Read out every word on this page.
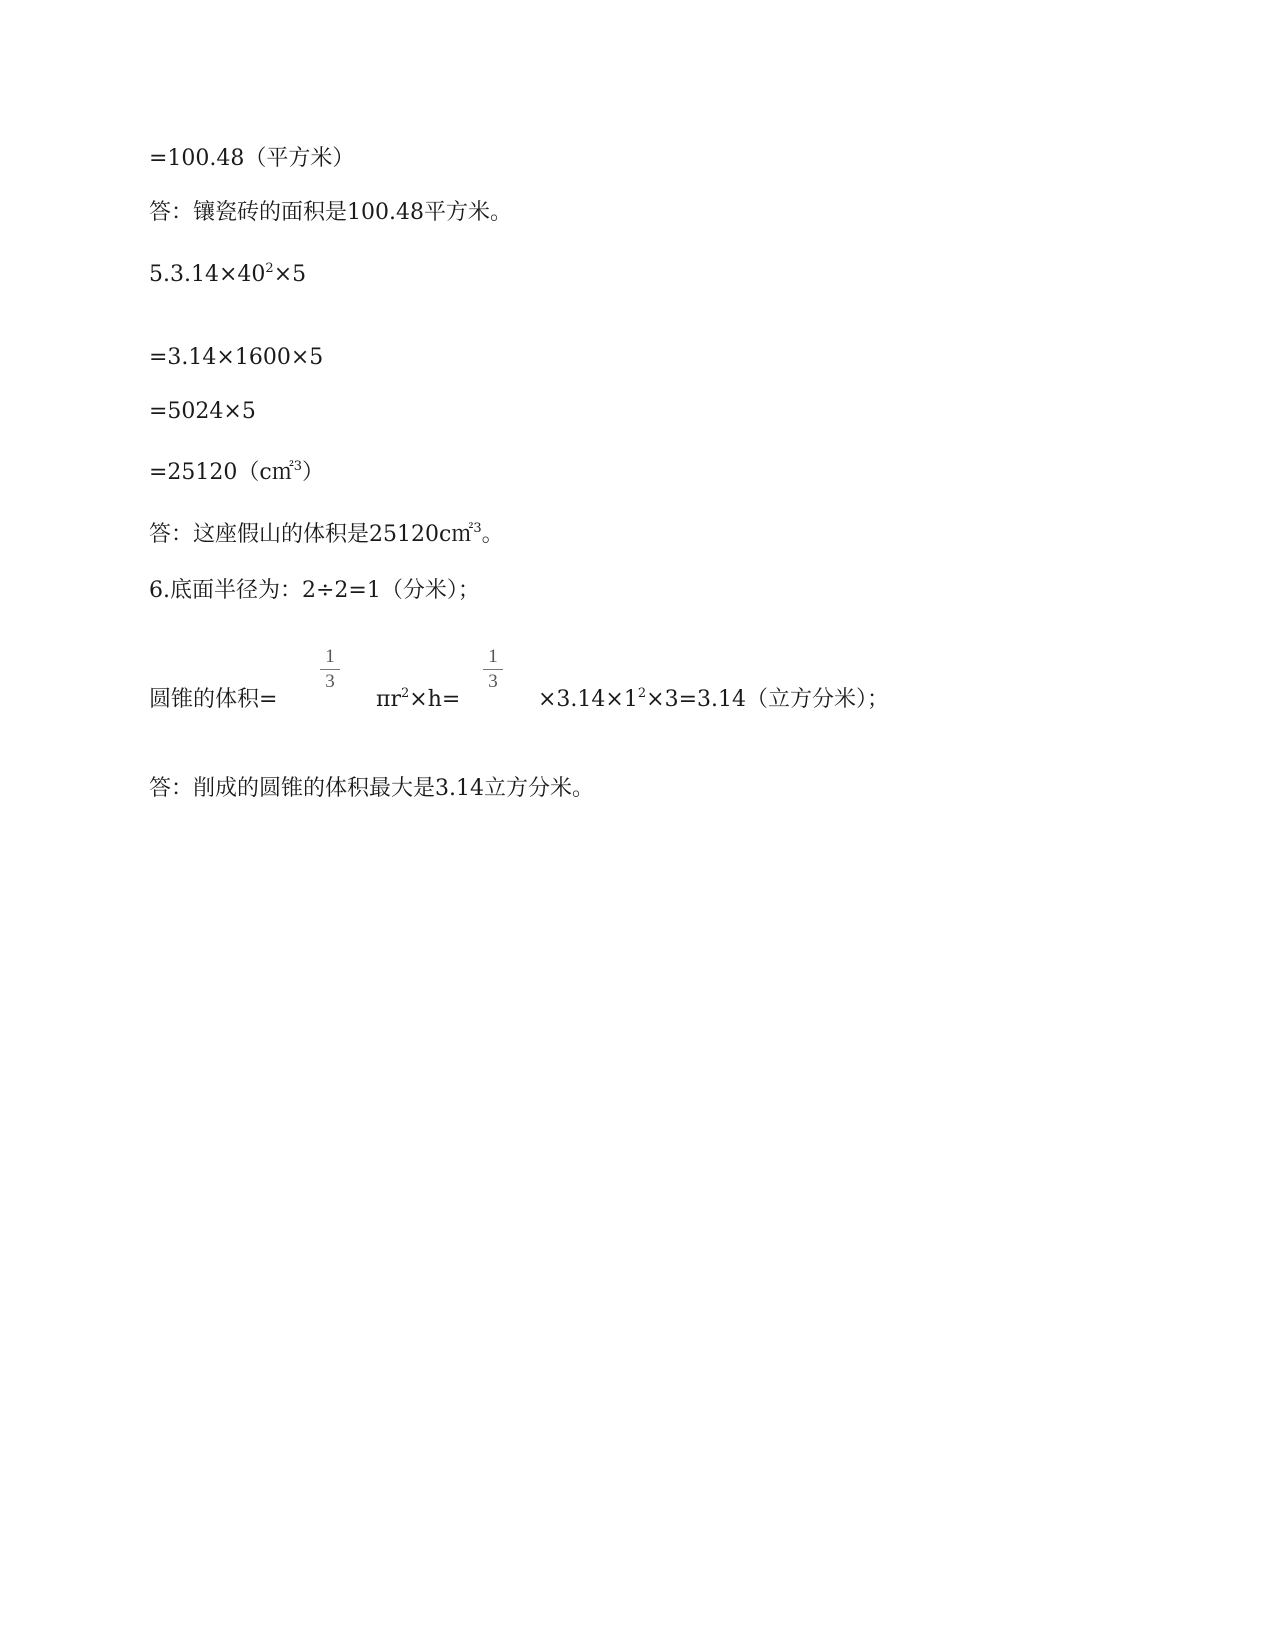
=100.48（平方米）
答：镶瓷砖的面积是100.48平方米。
$5.3.14\times 40^2\times 5$
=3.14×1600×5
=5024×5
=25120（c㎡$^3$）
答：这座假山的体积是25120c㎡$^3$。
6.底面半径为：2÷2=1（分米）；
圆锥的体积=
1
3
$\pi r^2\times h=$
1
3
$\times 3.14\times 1^2\times 3=3.14$（立方分米）；
答：削成的圆锥的体积最大是3.14立方分米。
